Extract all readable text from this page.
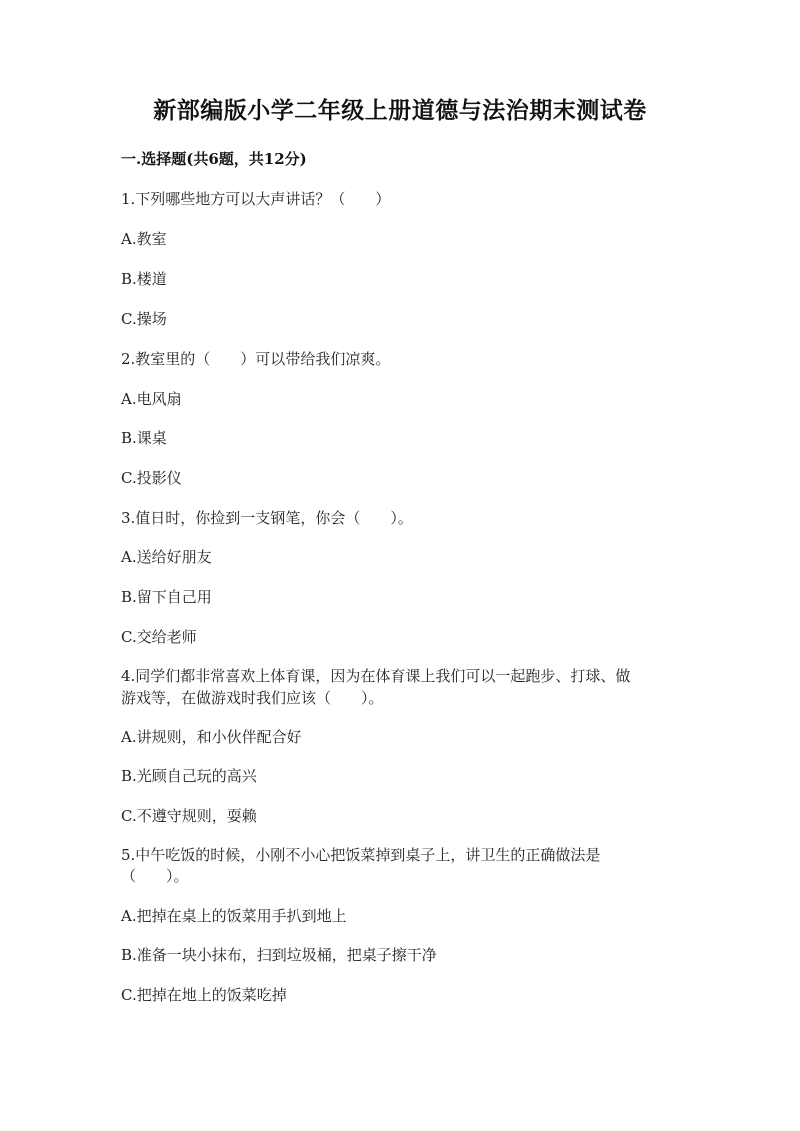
新部编版小学二年级上册道德与法治期末测试卷
一.选择题(共6题，共12分)
1.下列哪些地方可以大声讲话？（　　）
A.教室
B.楼道
C.操场
2.教室里的（　　）可以带给我们凉爽。
A.电风扇
B.课桌
C.投影仪
3.值日时，你捡到一支钢笔，你会（　　）。
A.送给好朋友
B.留下自己用
C.交给老师
4.同学们都非常喜欢上体育课，因为在体育课上我们可以一起跑步、打球、做
游戏等，在做游戏时我们应该（　　）。
A.讲规则，和小伙伴配合好
B.光顾自己玩的高兴
C.不遵守规则，耍赖
5.中午吃饭的时候，小刚不小心把饭菜掉到桌子上，讲卫生的正确做法是
（　　）。
A.把掉在桌上的饭菜用手扒到地上
B.准备一块小抹布，扫到垃圾桶，把桌子擦干净
C.把掉在地上的饭菜吃掉
